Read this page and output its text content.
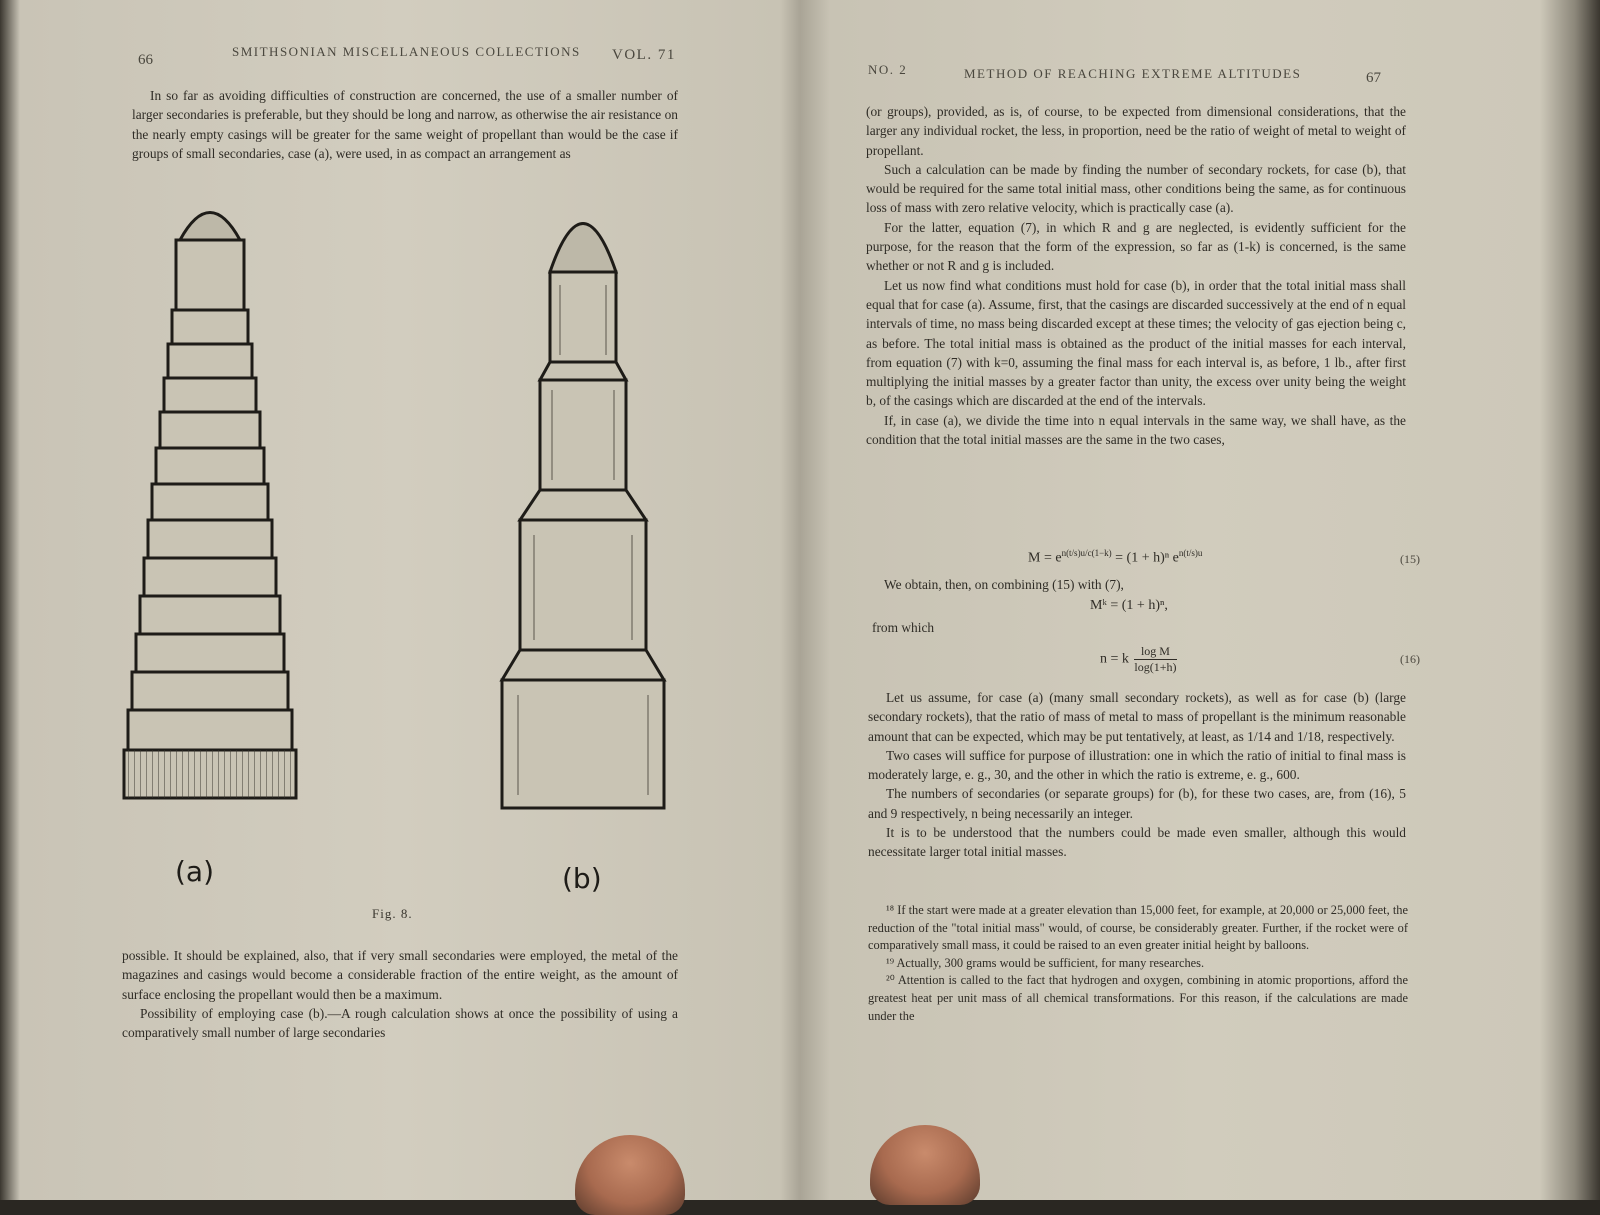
66
SMITHSONIAN MISCELLANEOUS COLLECTIONS VOL. 71

In so far as avoiding difficulties of construction are concerned, the use of a smaller number of larger secondaries is preferable, but they should be long and narrow, as otherwise the air resistance on the nearly empty casings will be greater for the same weight of propellant than would be the case if groups of small secondaries, case (a), were used, in as compact an arrangement as

(a)	(b)
Fig. 8.

possible. It should be explained, also, that if very small secondaries were employed, the metal of the magazines and casings would become a considerable fraction of the entire weight, as the amount of surface enclosing the propellant would then be a maximum.

Possibility of employing case (b).—A rough calculation shows at once the possibility of using a comparatively small number of large secondaries

NO. 2	METHOD OF REACHING EXTREME ALTITUDES	67

(or groups), provided, as is, of course, to be expected from dimensional considerations, that the larger any individual rocket, the less, in proportion, need be the ratio of weight of metal to weight of propellant.

Such a calculation can be made by finding the number of secondary rockets, for case (b), that would be required for the same total initial mass, other conditions being the same, as for continuous loss of mass with zero relative velocity, which is practically case (a).

For the latter, equation (7), in which R and g are neglected, is evidently sufficient for the purpose, for the reason that the form of the expression, so far as (1-k) is concerned, is the same whether or not R and g is included.

Let us now find what conditions must hold for case (b), in order that the total initial mass shall equal that for case (a). Assume, first, that the casings are discarded successively at the end of n equal intervals of time, no mass being discarded except at these times; the velocity of gas ejection being c, as before. The total initial mass is obtained as the product of the initial masses for each interval, from equation (7) with k=0, assuming the final mass for each interval is, as before, 1 lb., after first multiplying the initial masses by a greater factor than unity, the excess over unity being the weight b, of the casings which are discarded at the end of the intervals.

If, in case (a), we divide the time into n equal intervals in the same way, we shall have, as the condition that the total initial masses are the same in the two cases,

$M = e^{n(t/s)u/c(1-k)} = (1 + h)^n$ $e^{n(t/s)u}$	(15)

We obtain, then, on combining (15) with (7),

Mᵏ = (1 + h)ⁿ,

from which

n = k $\frac{\text{log M}}{\log(1+h)}$	(16)

Let us assume, for case (a) (many small secondary rockets), as well as for case (b) (large secondary rockets), that the ratio of mass of metal to mass of propellant is the minimum reasonable amount that can be expected, which may be put tentatively, at least, as 1/14 and 1/18, respectively.

Two cases will suffice for purpose of illustration: one in which the ratio of initial to final mass is moderately large, e. g., 30, and the other in which the ratio is extreme, e. g., 600.

The numbers of secondaries (or separate groups) for (b), for these two cases, are, from (16), 5 and 9 respectively, n being necessarily an integer.

It is to be understood that the numbers could be made even smaller, although this would necessitate larger total initial masses.

¹⁸ If the start were made at a greater elevation than 15,000 feet, for example, at 20,000 or 25,000 feet, the reduction of the "total initial mass" would, of course, be considerably greater. Further, if the rocket were of comparatively small mass, it could be raised to an even greater initial height by balloons.

¹⁹ Actually, 300 grams would be sufficient, for many researches.

²⁰ Attention is called to the fact that hydrogen and oxygen, combining in atomic proportions, afford the greatest heat per unit mass of all chemical transformations. For this reason, if the calculations are made under the
